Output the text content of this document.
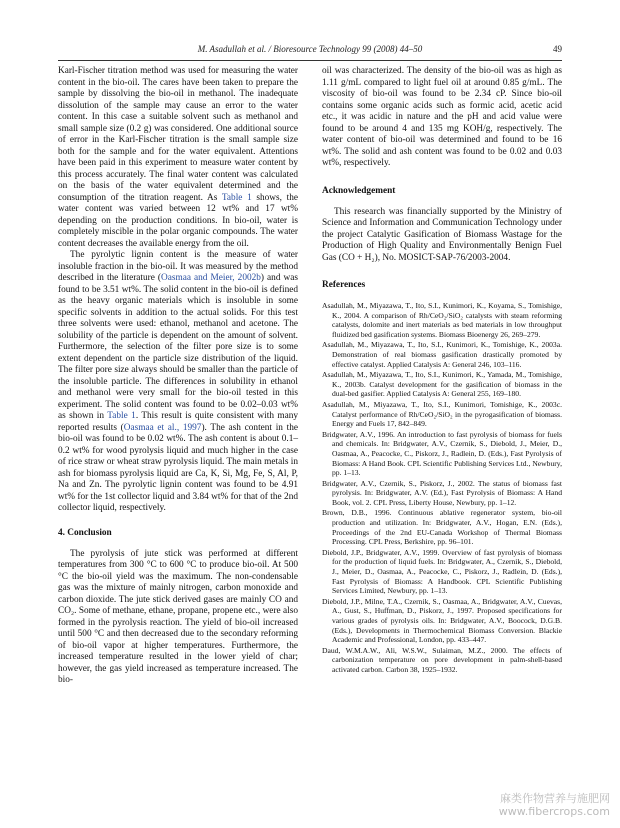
M. Asadullah et al. / Bioresource Technology 99 (2008) 44–50	49

Karl-Fischer titration method was used for measuring the water content in the bio-oil. The cares have been taken to prepare the sample by dissolving the bio-oil in methanol. The inadequate dissolution of the sample may cause an error to the water content. In this case a suitable solvent such as methanol and small sample size (0.2 g) was considered. One additional source of error in the Karl-Fischer titration is the small sample size both for the sample and for the water equivalent. Attentions have been paid in this experiment to measure water content by this process accurately. The final water content was calculated on the basis of the water equivalent determined and the consumption of the titration reagent. As Table 1 shows, the water content was varied between 12 wt% and 17 wt% depending on the production conditions. In bio-oil, water is completely miscible in the polar organic compounds. The water content decreases the available energy from the oil.

The pyrolytic lignin content is the measure of water insoluble fraction in the bio-oil. It was measured by the method described in the literature (Oasmaa and Meier, 2002b) and was found to be 3.51 wt%. The solid content in the bio-oil is defined as the heavy organic materials which is insoluble in some specific solvents in addition to the actual solids. For this test three solvents were used: ethanol, methanol and acetone. The solubility of the particle is dependent on the amount of solvent. Furthermore, the selection of the filter pore size is to some extent dependent on the particle size distribution of the liquid. The filter pore size always should be smaller than the particle of the insoluble particle. The differences in solubility in ethanol and methanol were very small for the bio-oil tested in this experiment. The solid content was found to be 0.02–0.03 wt% as shown in Table 1. This result is quite consistent with many reported results (Oasmaa et al., 1997). The ash content in the bio-oil was found to be 0.02 wt%. The ash content is about 0.1–0.2 wt% for wood pyrolysis liquid and much higher in the case of rice straw or wheat straw pyrolysis liquid. The main metals in ash for biomass pyrolysis liquid are Ca, K, Si, Mg, Fe, S, Al, P, Na and Zn. The pyrolytic lignin content was found to be 4.91 wt% for the 1st collector liquid and 3.84 wt% for that of the 2nd collector liquid, respectively.

4. Conclusion

The pyrolysis of jute stick was performed at different temperatures from 300 °C to 600 °C to produce bio-oil. At 500 °C the bio-oil yield was the maximum. The non-condensable gas was the mixture of mainly nitrogen, carbon monoxide and carbon dioxide. The jute stick derived gases are mainly CO and CO₂. Some of methane, ethane, propane, propene etc., were also formed in the pyrolysis reaction. The yield of bio-oil increased until 500 °C and then decreased due to the secondary reforming of bio-oil vapor at higher temperatures. Furthermore, the increased temperature resulted in the lower yield of char; however, the gas yield increased as temperature increased. The bio-

oil was characterized. The density of the bio-oil was as high as 1.11 g/mL compared to light fuel oil at around 0.85 g/mL. The viscosity of bio-oil was found to be 2.34 cP. Since bio-oil contains some organic acids such as formic acid, acetic acid etc., it was acidic in nature and the pH and acid value were found to be around 4 and 135 mg KOH/g, respectively. The water content of bio-oil was determined and found to be 16 wt%. The solid and ash content was found to be 0.02 and 0.03 wt%, respectively.

Acknowledgement

This research was financially supported by the Ministry of Science and Information and Communication Technology under the project Catalytic Gasification of Biomass Wastage for the Production of High Quality and Environmentally Benign Fuel Gas (CO + H₂), No. MOSICT-SAP-76/2003-2004.

References
Asadullah, M., Miyazawa, T., Ito, S.I., Kunimori, K., Koyama, S., Tomishige, K., 2004. A comparison of Rh/CeO₂/SiO₂ catalysts with steam reforming catalysts, dolomite and inert materials as bed materials in low throughput fluidized bed gasification systems. Biomass Bioenergy 26, 269–279.
Asadullah, M., Miyazawa, T., Ito, S.I., Kunimori, K., Tomishige, K., 2003a. Demonstration of real biomass gasification drastically promoted by effective catalyst. Applied Catalysis A: General 246, 103–116.
Asadullah, M., Miyazawa, T., Ito, S.I., Kunimori, K., Yamada, M., Tomishige, K., 2003b. Catalyst development for the gasification of biomass in the dual-bed gasifier. Applied Catalysis A: General 255, 169–180.
Asadullah, M., Miyazawa, T., Ito, S.I., Kunimori, Tomishige, K., 2003c. Catalyst performance of Rh/CeO₂/SiO₂ in the pyrogasification of biomass. Energy and Fuels 17, 842–849.
Bridgwater, A.V., 1996. An introduction to fast pyrolysis of biomass for fuels and chemicals. In: Bridgwater, A.V., Czernik, S., Diebold, J., Meier, D., Oasmaa, A., Peacocke, C., Piskorz, J., Radlein, D. (Eds.), Fast Pyrolysis of Biomass: A Hand Book. CPL Scientific Publishing Services Ltd., Newbury, pp. 1–13.
Bridgwater, A.V., Czernik, S., Piskorz, J., 2002. The status of biomass fast pyrolysis. In: Bridgwater, A.V. (Ed.), Fast Pyrolysis of Biomass: A Hand Book, vol. 2. CPL Press, Liberty House, Newbury, pp. 1–12.
Brown, D.B., 1996. Continuous ablative regenerator system, bio-oil production and utilization. In: Bridgwater, A.V., Hogan, E.N. (Eds.), Proceedings of the 2nd EU-Canada Workshop of Thermal Biomass Processing. CPL Press, Berkshire, pp. 96–101.
Diebold, J.P., Bridgwater, A.V., 1999. Overview of fast pyrolysis of biomass for the production of liquid fuels. In: Bridgwater, A., Czernik, S., Diebold, J., Meier, D., Oasmaa, A., Peacocke, C., Piskorz, J., Radlein, D. (Eds.), Fast Pyrolysis of Biomass: A Handbook. CPL Scientific Publishing Services Limited, Newbury, pp. 1–13.
Diebold, J.P., Milne, T.A., Czernik, S., Oasmaa, A., Bridgwater, A.V., Cuevas, A., Gust, S., Huffman, D., Piskorz, J., 1997. Proposed specifications for various grades of pyrolysis oils. In: Bridgwater, A.V., Boocock, D.G.B. (Eds.), Developments in Thermochemical Biomass Conversion. Blackie Academic and Professional, London, pp. 433–447.
Daud, W.M.A.W., Ali, W.S.W., Sulaiman, M.Z., 2000. The effects of carbonization temperature on pore development in palm-shell-based activated carbon. Carbon 38, 1925–1932.
麻类作物营养与施肥网
www.fibercrops.com
